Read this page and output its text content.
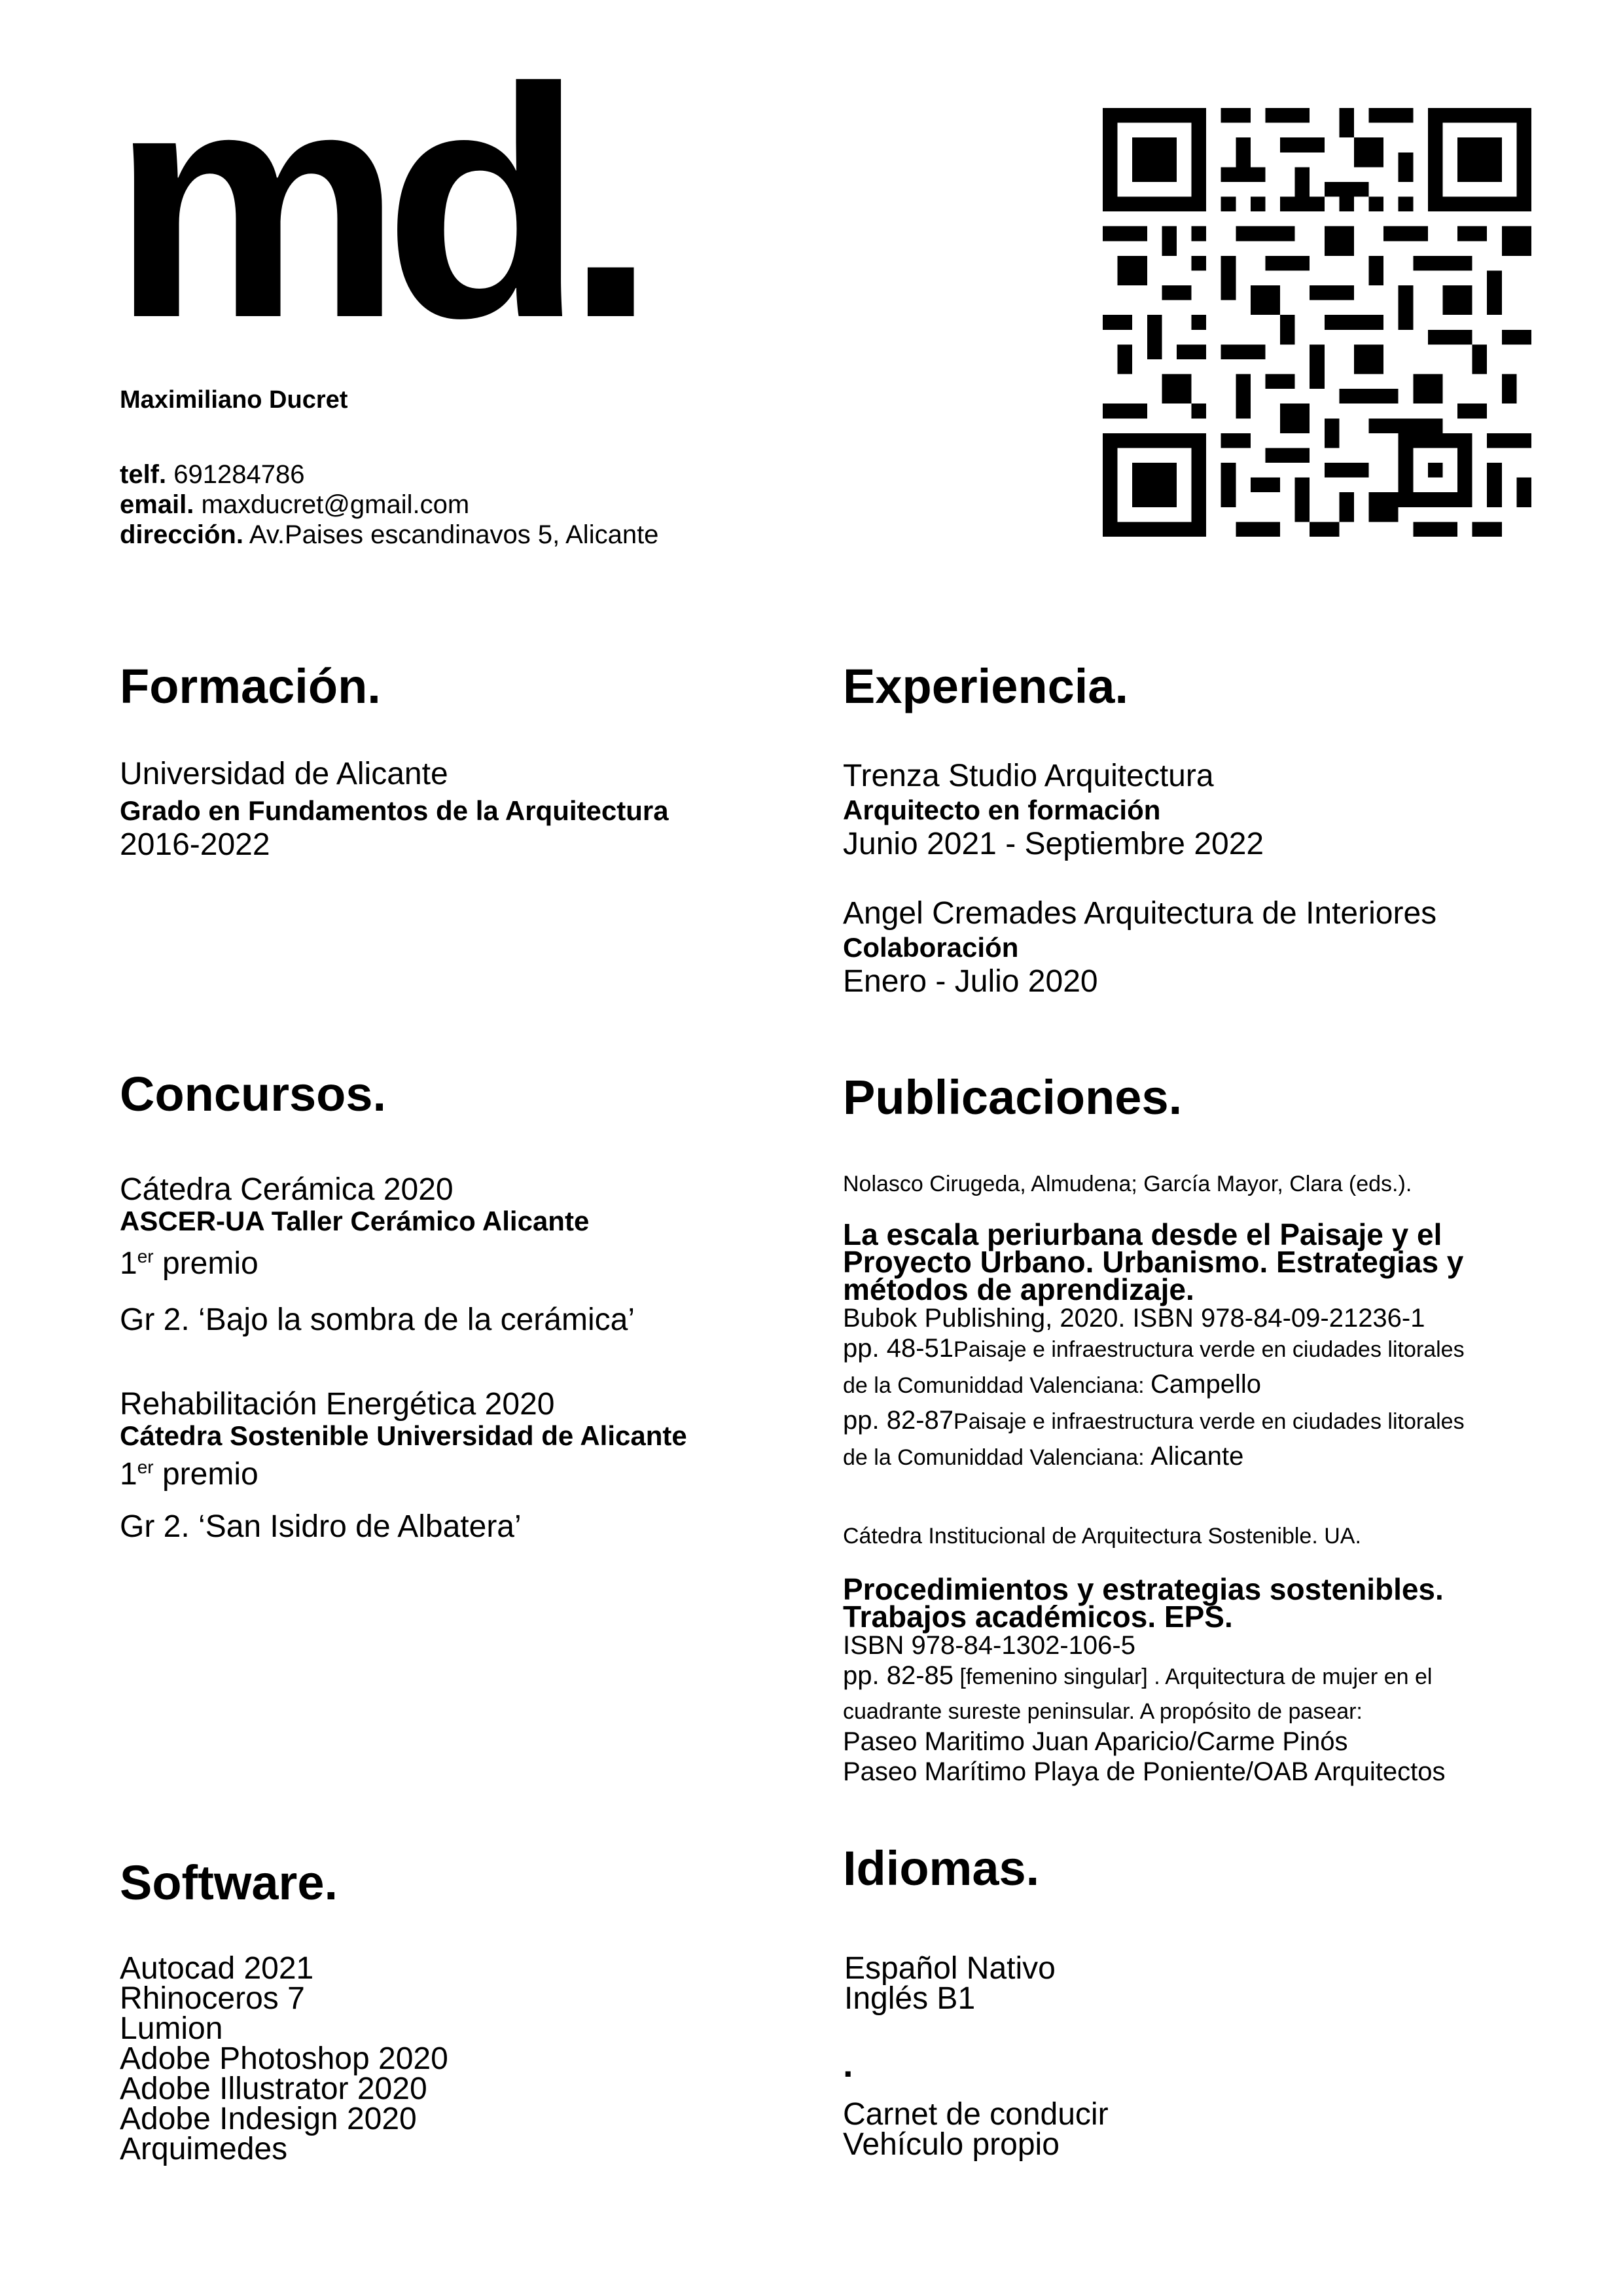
md.
Maximiliano Ducret
telf. 691284786
email. maxducret@gmail.com
dirección. Av.Paises escandinavos 5, Alicante
Formación.
Universidad de Alicante
Grado en Fundamentos de la Arquitectura
2016-2022
Experiencia.
Trenza Studio Arquitectura
Arquitecto en formación
Junio 2021 - Septiembre 2022
Angel Cremades Arquitectura de Interiores
Colaboración
Enero - Julio 2020
Concursos.
Cátedra Cerámica 2020
ASCER-UA Taller Cerámico Alicante
1er premio
Gr 2. ‘Bajo la sombra de la cerámica’
Rehabilitación Energética 2020
Cátedra Sostenible Universidad de Alicante
1er premio
Gr 2. ‘San Isidro de Albatera’
Publicaciones.
Nolasco Cirugeda, Almudena; García Mayor, Clara (eds.).
La escala periurbana desde el Paisaje y el
Proyecto Urbano. Urbanismo. Estrategias y
métodos de aprendizaje.
Bubok Publishing, 2020. ISBN 978-84-09-21236-1
pp. 48-51Paisaje e infraestructura verde en ciudades litorales
de la Comuniddad Valenciana: Campello
pp. 82-87Paisaje e infraestructura verde en ciudades litorales
de la Comuniddad Valenciana: Alicante
Cátedra Institucional de Arquitectura Sostenible. UA.
Procedimientos y estrategias sostenibles.
Trabajos académicos. EPS.
ISBN 978-84-1302-106-5
pp. 82-85 [femenino singular] . Arquitectura de mujer en el
cuadrante sureste peninsular. A propósito de pasear:
Paseo Maritimo Juan Aparicio/Carme Pinós
Paseo Marítimo Playa de Poniente/OAB Arquitectos
Software.
Autocad 2021
Rhinoceros 7
Lumion
Adobe Photoshop 2020
Adobe Illustrator 2020
Adobe Indesign 2020
Arquimedes
Idiomas.
Español Nativo
Inglés B1
.
Carnet de conducir
Vehículo propio
